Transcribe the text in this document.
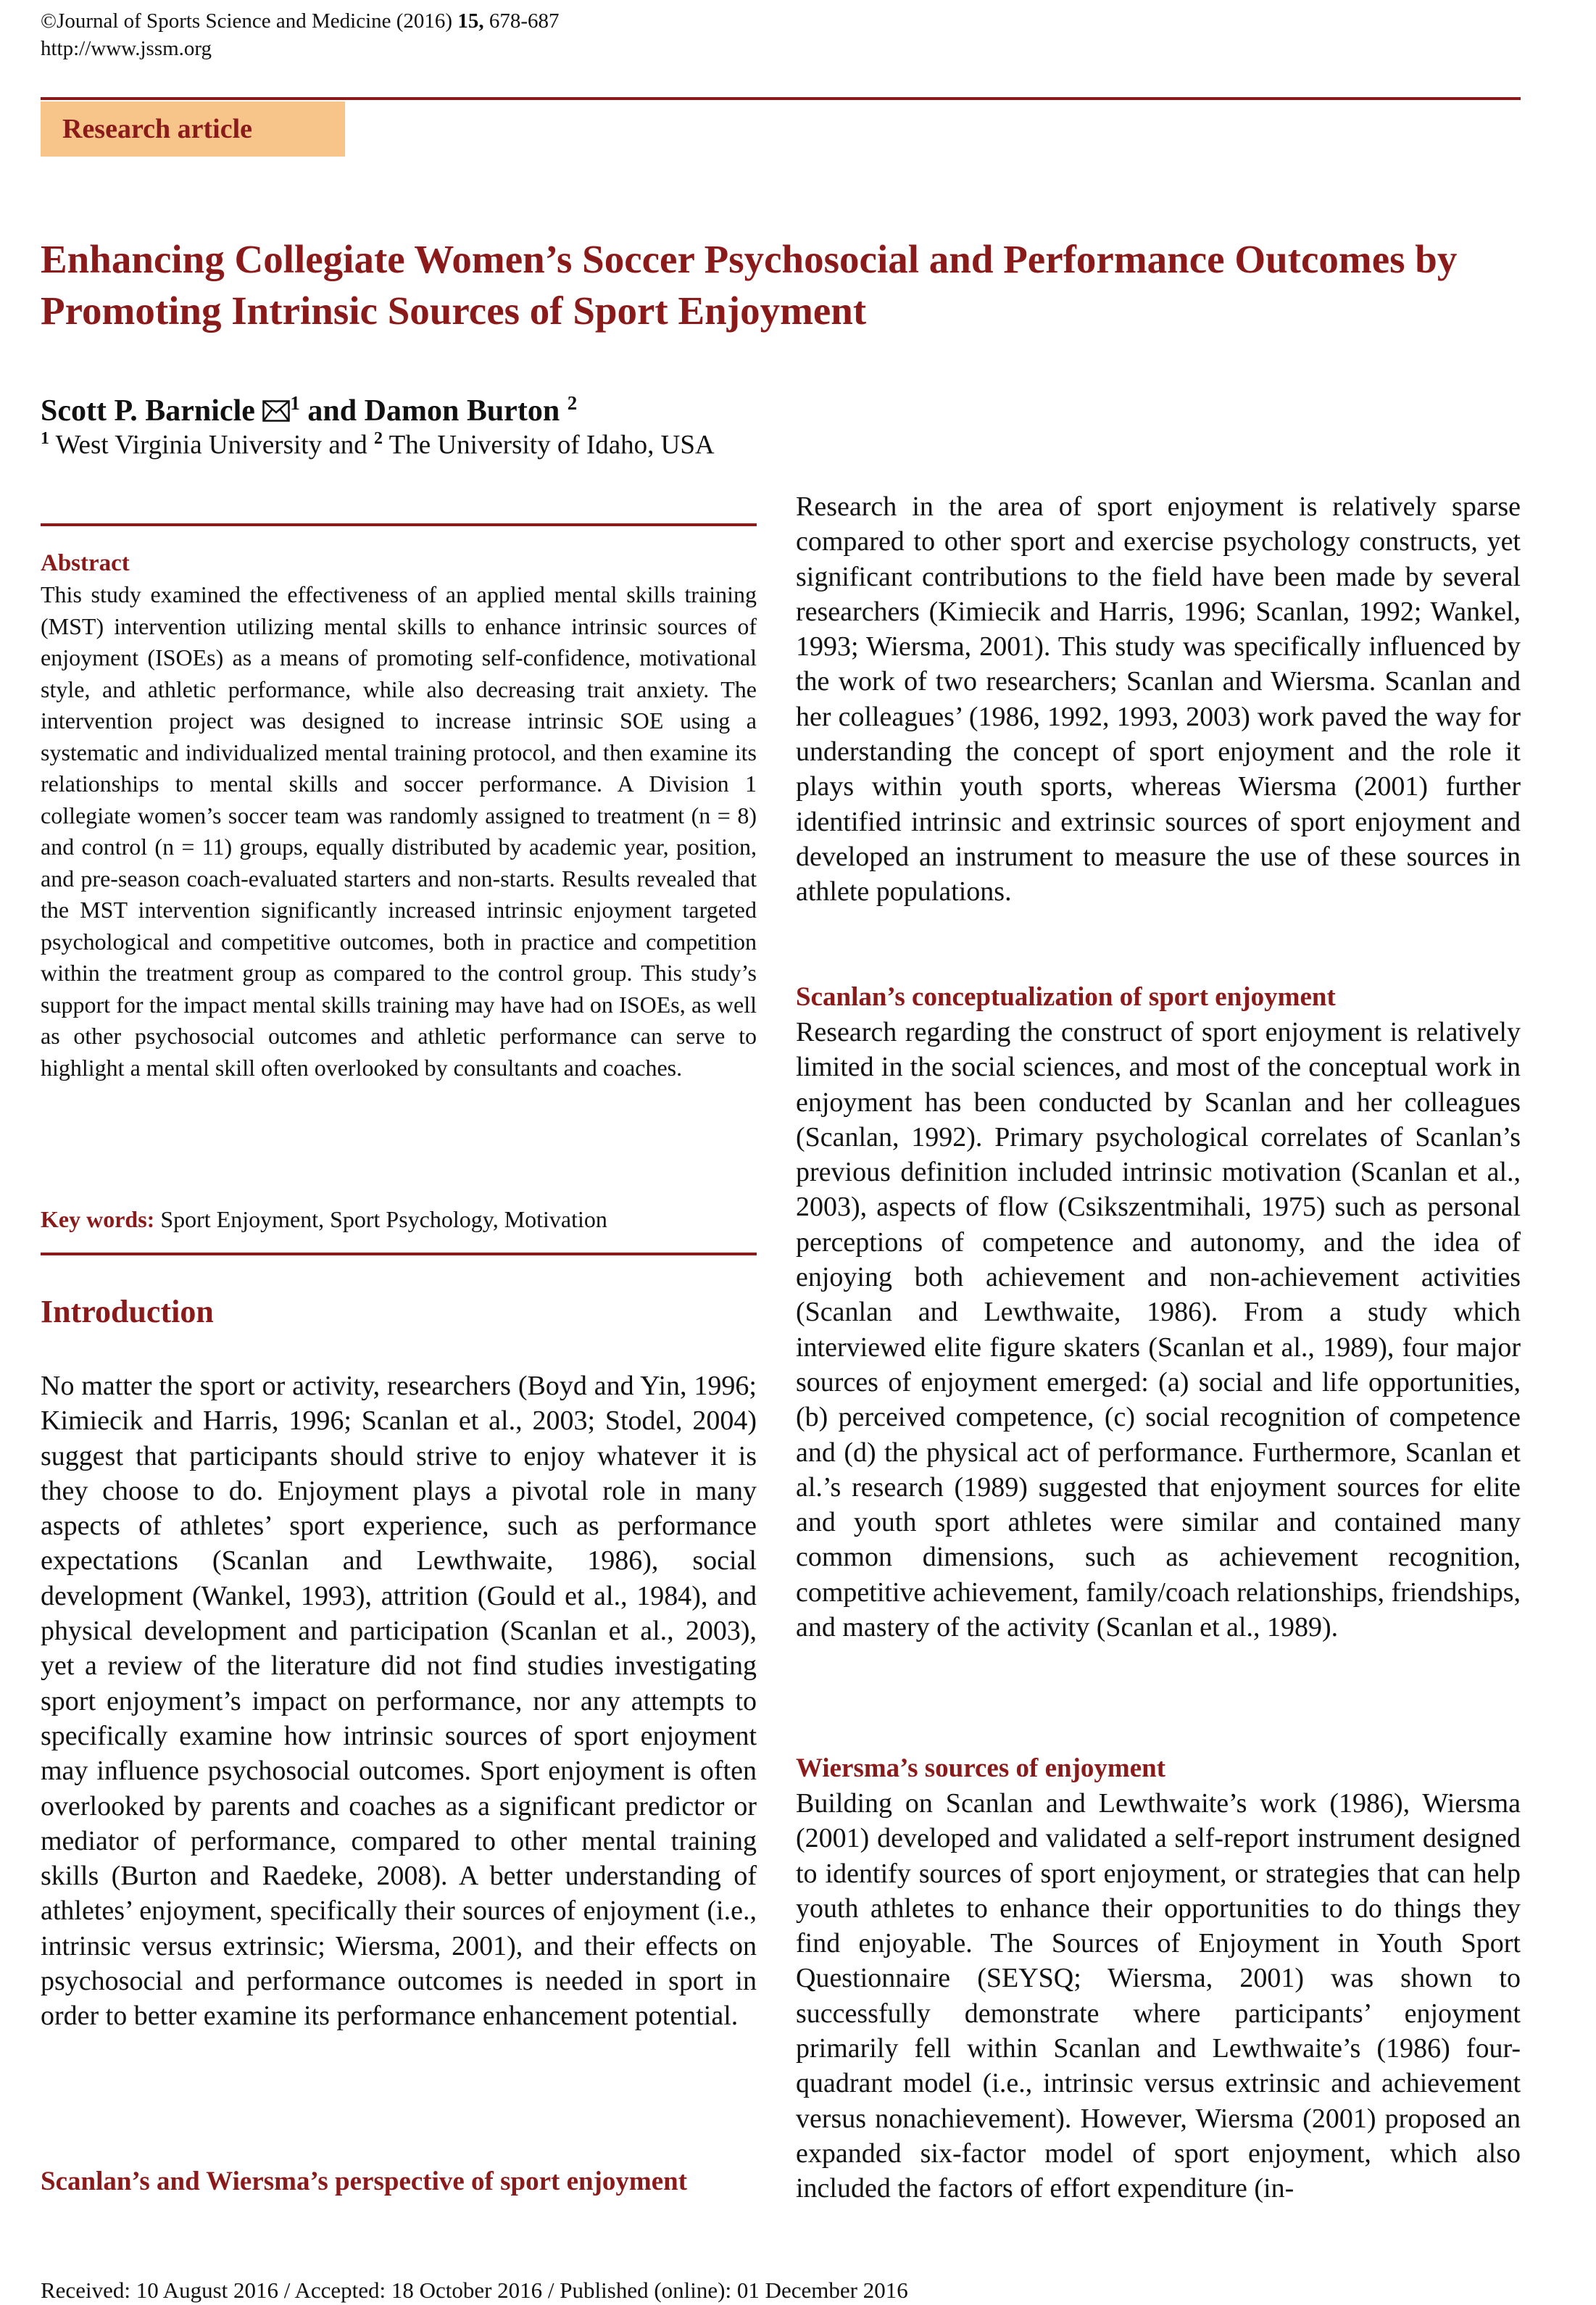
©Journal of Sports Science and Medicine (2016) 15, 678-687
http://www.jssm.org
Research article
Enhancing Collegiate Women’s Soccer Psychosocial and Performance Outcomes by Promoting Intrinsic Sources of Sport Enjoyment
Scott P. Barnicle $^1$ and Damon Burton $^2$
$^1$ West Virginia University and $^2$ The University of Idaho, USA
Abstract

This study examined the effectiveness of an applied mental skills training (MST) intervention utilizing mental skills to enhance intrinsic sources of enjoyment (ISOEs) as a means of promoting self-confidence, motivational style, and athletic performance, while also decreasing trait anxiety. The intervention project was designed to increase intrinsic SOE using a systematic and individualized mental training protocol, and then examine its relationships to mental skills and soccer performance. A Division 1 collegiate women’s soccer team was randomly assigned to treatment (n = 8) and control (n = 11) groups, equally distributed by academic year, position, and pre-season coach-evaluated starters and non-starts. Results revealed that the MST intervention significantly increased intrinsic enjoyment targeted psychological and competitive outcomes, both in practice and competition within the treatment group as compared to the control group. This study’s support for the impact mental skills training may have had on ISOEs, as well as other psychosocial outcomes and athletic performance can serve to highlight a mental skill often overlooked by consultants and coaches.

Key words: Sport Enjoyment, Sport Psychology, Motivation
Introduction

No matter the sport or activity, researchers (Boyd and Yin, 1996; Kimiecik and Harris, 1996; Scanlan et al., 2003; Stodel, 2004) suggest that participants should strive to enjoy whatever it is they choose to do. Enjoyment plays a pivotal role in many aspects of athletes’ sport experience, such as performance expectations (Scanlan and Lewthwaite, 1986), social development (Wankel, 1993), attrition (Gould et al., 1984), and physical development and participation (Scanlan et al., 2003), yet a review of the literature did not find studies investigating sport enjoyment’s impact on performance, nor any attempts to specifically examine how intrinsic sources of sport enjoyment may influence psychosocial outcomes. Sport enjoyment is often overlooked by parents and coaches as a significant predictor or mediator of performance, compared to other mental training skills (Burton and Raedeke, 2008). A better understanding of athletes’ enjoyment, specifically their sources of enjoyment (i.e., intrinsic versus extrinsic; Wiersma, 2001), and their effects on psychosocial and performance outcomes is needed in sport in order to better examine its performance enhancement potential.

Scanlan’s and Wiersma’s perspective of sport enjoyment

Research in the area of sport enjoyment is relatively sparse compared to other sport and exercise psychology constructs, yet significant contributions to the field have been made by several researchers (Kimiecik and Harris, 1996; Scanlan, 1992; Wankel, 1993; Wiersma, 2001). This study was specifically influenced by the work of two researchers; Scanlan and Wiersma. Scanlan and her colleagues’ (1986, 1992, 1993, 2003) work paved the way for understanding the concept of sport enjoyment and the role it plays within youth sports, whereas Wiersma (2001) further identified intrinsic and extrinsic sources of sport enjoyment and developed an instrument to measure the use of these sources in athlete populations.

Scanlan’s conceptualization of sport enjoyment

Research regarding the construct of sport enjoyment is relatively limited in the social sciences, and most of the conceptual work in enjoyment has been conducted by Scanlan and her colleagues (Scanlan, 1992). Primary psychological correlates of Scanlan’s previous definition included intrinsic motivation (Scanlan et al., 2003), aspects of flow (Csikszentmihali, 1975) such as personal perceptions of competence and autonomy, and the idea of enjoying both achievement and non-achievement activities (Scanlan and Lewthwaite, 1986). From a study which interviewed elite figure skaters (Scanlan et al., 1989), four major sources of enjoyment emerged: (a) social and life opportunities, (b) perceived competence, (c) social recognition of competence and (d) the physical act of performance. Furthermore, Scanlan et al.’s research (1989) suggested that enjoyment sources for elite and youth sport athletes were similar and contained many common dimensions, such as achievement recognition, competitive achievement, family/coach relationships, friendships, and mastery of the activity (Scanlan et al., 1989).

Wiersma’s sources of enjoyment

Building on Scanlan and Lewthwaite’s work (1986), Wiersma (2001) developed and validated a self-report instrument designed to identify sources of sport enjoyment, or strategies that can help youth athletes to enhance their opportunities to do things they find enjoyable. The Sources of Enjoyment in Youth Sport Questionnaire (SEYSQ; Wiersma, 2001) was shown to successfully demonstrate where participants’ enjoyment primarily fell within Scanlan and Lewthwaite’s (1986) four-quadrant model (i.e., intrinsic versus extrinsic and achievement versus nonachievement). However, Wiersma (2001) proposed an expanded six-factor model of sport enjoyment, which also included the factors of effort expenditure (in-

Received: 10 August 2016 / Accepted: 18 October 2016 / Published (online): 01 December 2016
